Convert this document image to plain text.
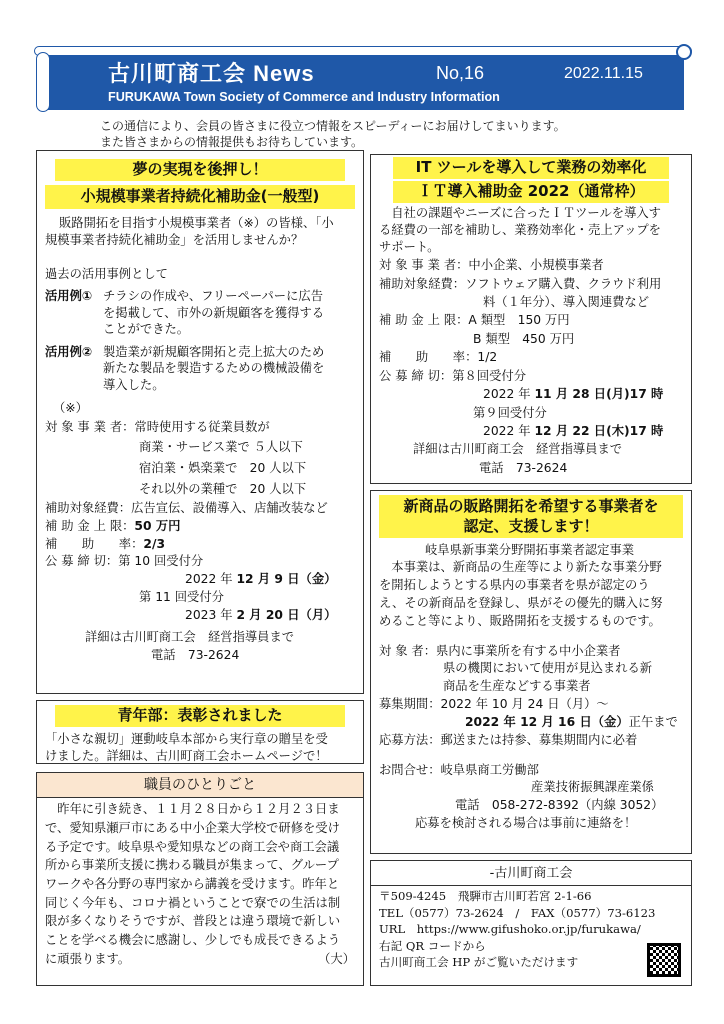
古川町商工会 News	No,16	2022.11.15
FURUKAWA Town Society of Commerce and Industry Information
この通信により、会員の皆さまに役立つ情報をスピーディーにお届けしてまいります。
また皆さまからの情報提供もお待ちしています。
夢の実現を後押し！
小規模事業者持続化補助金(一般型)
販路開拓を目指す小規模事業者（※）の皆様、「小
規模事業者持続化補助金」を活用しませんか？
過去の活用事例として
活用例① チラシの作成や、フリーペーパーに広告
を掲載して、市外の新規顧客を獲得する
ことができた。
活用例② 製造業が新規顧客開拓と売上拡大のため
新たな製品を製造するための機械設備を
導入した。
（※）
対 象 事 業 者：常時使用する従業員数が
商業・サービス業で ５人以下
宿泊業・娯楽業で　20 人以下
それ以外の業種で　20 人以下
補助対象経費：広告宣伝、設備導入、店舗改装など
補 助 金 上 限：50 万円
補　　助　　率：2/3
公 募 締 切：第 10 回受付分
2022 年 12 月 9 日（金）
第 11 回受付分
2023 年 2 月 20 日（月）
詳細は古川町商工会　経営指導員まで
電話　73-2624
青年部：表彰されました
「小さな親切」運動岐阜本部から実行章の贈呈を受
けました。詳細は、古川町商工会ホームページで！
職員のひとりごと
　昨年に引き続き、１１月２８日から１２月２３日ま
で、愛知県瀬戸市にある中小企業大学校で研修を受け
る予定です。岐阜県や愛知県などの商工会や商工会議
所から事業所支援に携わる職員が集まって、グループ
ワークや各分野の専門家から講義を受けます。昨年と
同じく今年も、コロナ禍ということで寮での生活は制
限が多くなりそうですが、普段とは違う環境で新しい
ことを学べる機会に感謝し、少しでも成長できるよう
に頑張ります。	（大）
IT ツールを導入して業務の効率化
ＩＴ導入補助金 2022（通常枠）
　自社の課題やニーズに合ったＩＴツールを導入す
る経費の一部を補助し、業務効率化・売上アップを
サポート。
対 象 事 業 者：中小企業、小規模事業者
補助対象経費：ソフトウェア購入費、クラウド利用
料（１年分）、導入関連費など
補 助 金 上 限：A 類型　150 万円
B 類型　450 万円
補　　助　　率：1/2
公 募 締 切：第８回受付分
2022 年 11 月 28 日(月)17 時
第９回受付分
2022 年 12 月 22 日(木)17 時
詳細は古川町商工会　経営指導員まで
電話　73-2624
新商品の販路開拓を希望する事業者を
認定、支援します！
岐阜県新事業分野開拓事業者認定事業
　本事業は、新商品の生産等により新たな事業分野
を開拓しようとする県内の事業者を県が認定のう
え、その新商品を登録し、県がその優先的購入に努
めること等により、販路開拓を支援するものです。
対 象 者：県内に事業所を有する中小企業者
県の機関において使用が見込まれる新
商品を生産などする事業者
募集期間：2022 年 10 月 24 日（月）～
2022 年 12 月 16 日（金）正午まで
応募方法：郵送または持参、募集期間内に必着
お問合せ：岐阜県商工労働部
産業技術振興課産業係
電話　058-272-8392（内線 3052）
応募を検討される場合は事前に連絡を！
-古川町商工会
〒509-4245　飛騨市古川町若宮 2-1-66
TEL（0577）73-2624　/　FAX（0577）73-6123
URL　https://www.gifushoko.or.jp/furukawa/
右記 QR コードから
古川町商工会 HP がご覧いただけます
